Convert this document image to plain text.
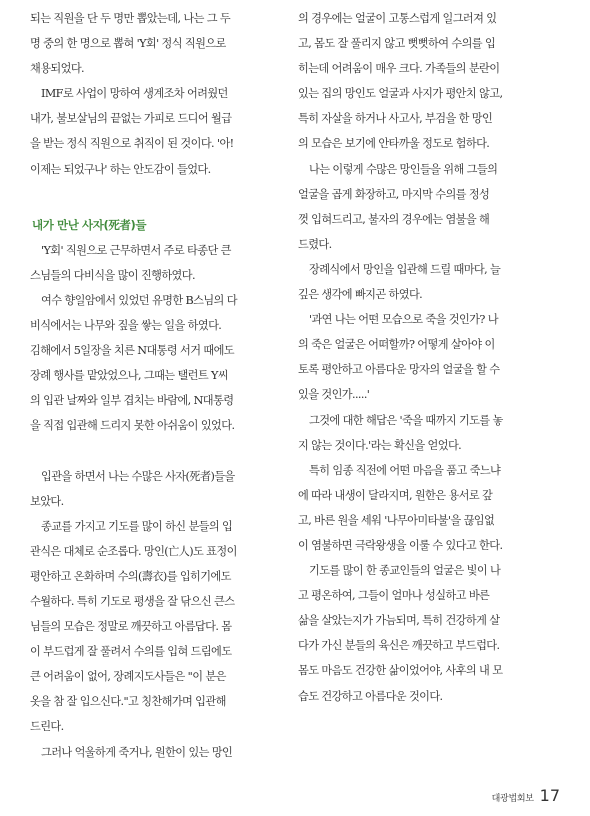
되는 직원을 단 두 명만 뽑았는데, 나는 그 두
명 중의 한 명으로 뽑혀 'Y회' 정식 직원으로
채용되었다.
IMF로 사업이 망하여 생계조차 어려웠던
내가, 불보살님의 끝없는 가피로 드디어 월급
을 받는 정식 직원으로 취직이 된 것이다. '아!
이제는 되었구나' 하는 안도감이 들었다.
내가 만난 사자(死者)들
'Y회' 직원으로 근무하면서 주로 타종단 큰
스님들의 다비식을 많이 진행하였다.
여수 향일암에서 있었던 유명한 B스님의 다
비식에서는 나무와 짚을 쌓는 일을 하였다.
김해에서 5일장을 치른 N대통령 서거 때에도
장례 행사를 맡았었으나, 그때는 탤런트 Y씨
의 입관 날짜와 일부 겹치는 바람에, N대통령
을 직접 입관해 드리지 못한 아쉬움이 있었다.
입관을 하면서 나는 수많은 사자(死者)들을
보았다.
종교를 가지고 기도를 많이 하신 분들의 입
관식은 대체로 순조롭다. 망인(亡人)도 표정이
평안하고 온화하며 수의(壽衣)를 입히기에도
수월하다. 특히 기도로 평생을 잘 닦으신 큰스
님들의 모습은 정말로 깨끗하고 아름답다. 몸
이 부드럽게 잘 풀려서 수의를 입혀 드림에도
큰 어려움이 없어, 장례지도사들은 "이 분은
옷을 참 잘 입으신다."고 칭찬해가며 입관해
드린다.
그러나 억울하게 죽거나, 원한이 있는 망인
의 경우에는 얼굴이 고통스럽게 일그러져 있
고, 몸도 잘 풀리지 않고 뻣뻣하여 수의를 입
히는데 어려움이 매우 크다. 가족들의 분란이
있는 집의 망인도 얼굴과 사지가 평안치 않고,
특히 자살을 하거나 사고사, 부검을 한 망인
의 모습은 보기에 안타까울 정도로 험하다.
나는 이렇게 수많은 망인들을 위해 그들의
얼굴을 곱게 화장하고, 마지막 수의를 정성
껏 입혀드리고, 불자의 경우에는 염불을 해
드렸다.
장례식에서 망인을 입관해 드릴 때마다, 늘
깊은 생각에 빠지곤 하였다.
'과연 나는 어떤 모습으로 죽을 것인가? 나
의 죽은 얼굴은 어떠할까? 어떻게 살아야 이
토록 평안하고 아름다운 망자의 얼굴을 할 수
있을 것인가.....'
그것에 대한 해답은 '죽을 때까지 기도를 놓
지 않는 것이다.'라는 확신을 얻었다.
특히 임종 직전에 어떤 마음을 품고 죽느냐
에 따라 내생이 달라지며, 원한은 용서로 갚
고, 바른 원을 세워 '나무아미타불'을 끊임없
이 염불하면 극락왕생을 이룰 수 있다고 한다.
기도를 많이 한 종교인들의 얼굴은 빛이 나
고 평온하여, 그들이 얼마나 성실하고 바른
삶을 살았는지가 가늠되며, 특히 건강하게 살
다가 가신 분들의 육신은 깨끗하고 부드럽다.
몸도 마음도 건강한 삶이었어야, 사후의 내 모
습도 건강하고 아름다운 것이다.
대광법회보 17
